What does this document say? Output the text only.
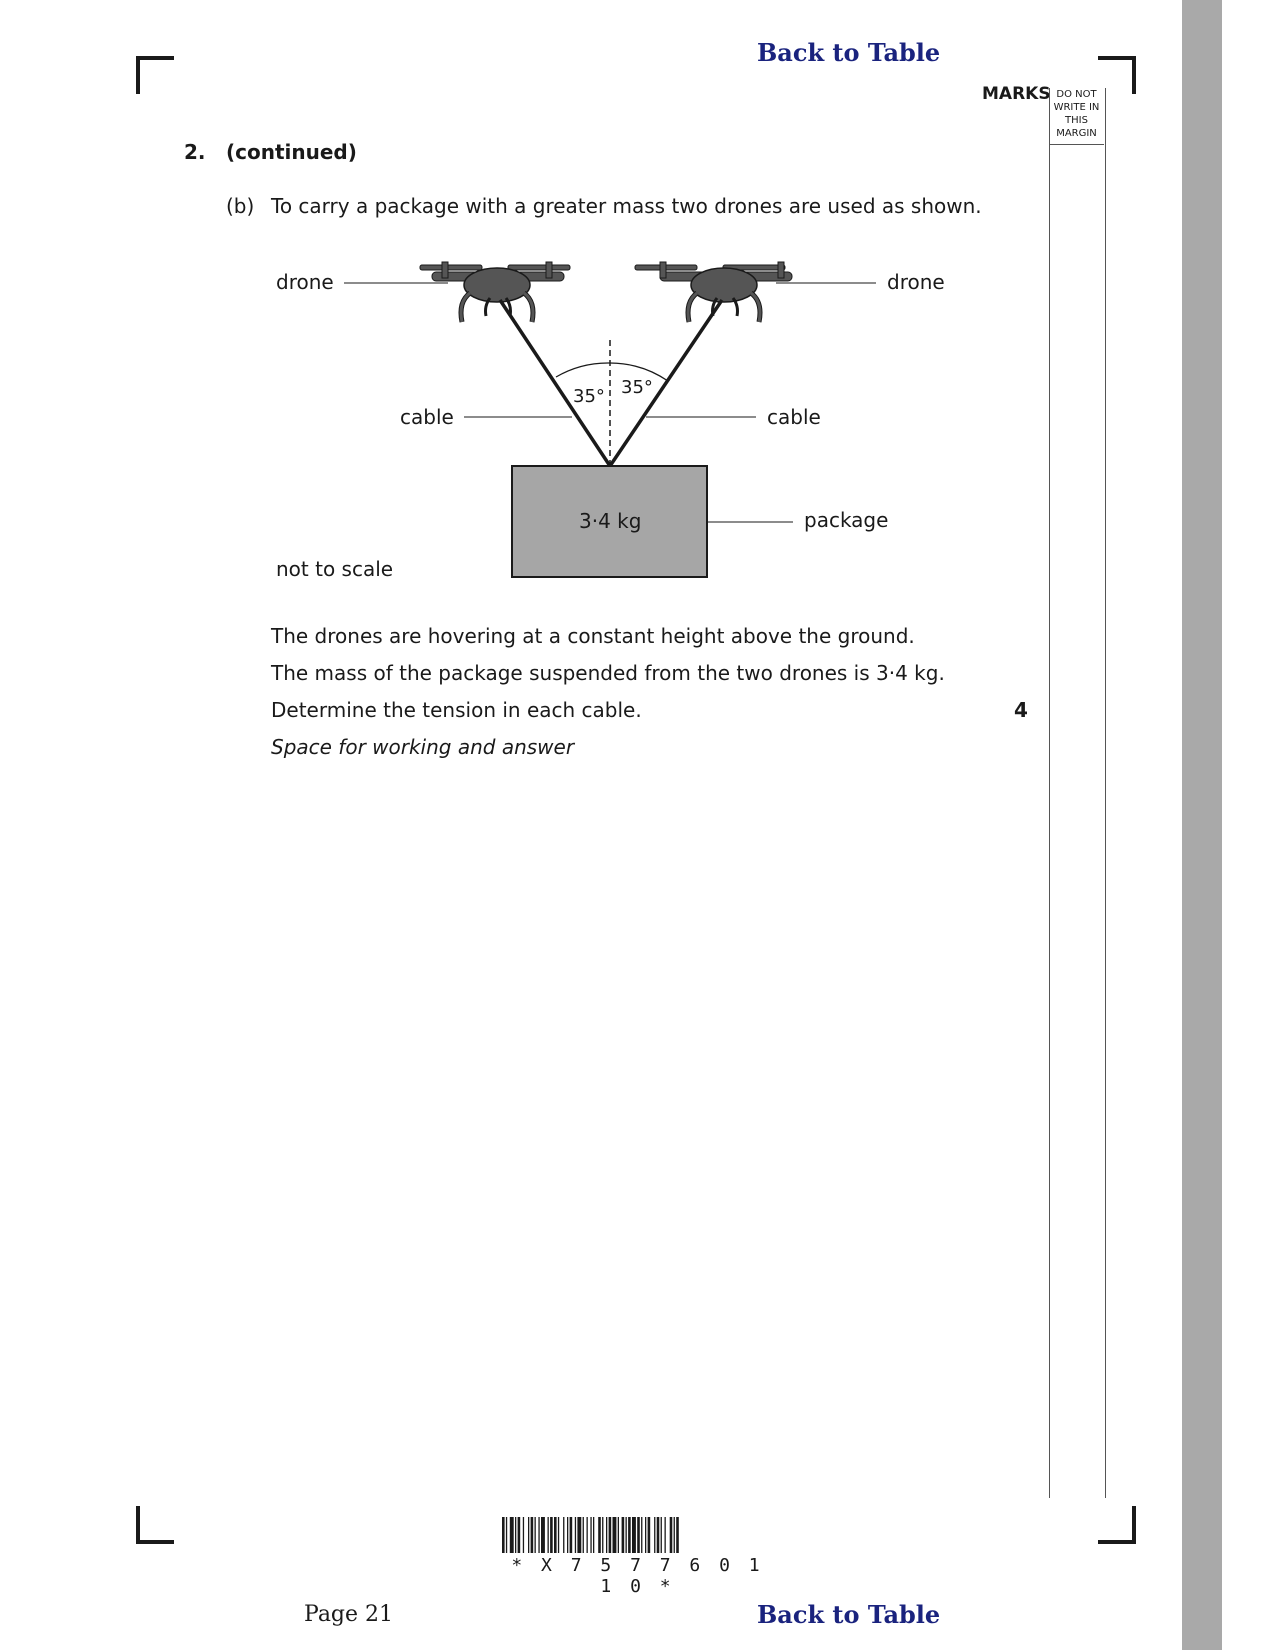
Back to Table
MARKS DO NOT
WRITE IN
THIS
MARGIN
2. (continued)
(b) To carry a package with a greater mass two drones are used as shown.
drone	drone
cable	cable
35° 35°
3·4 kg	package
not to scale
The drones are hovering at a constant height above the ground.
The mass of the package suspended from the two drones is 3·4 kg.
Determine the tension in each cable.
Space for working and answer
4
* X 7 5 7 7 6 0 1 1 0 *
Page 21	Back to Table
